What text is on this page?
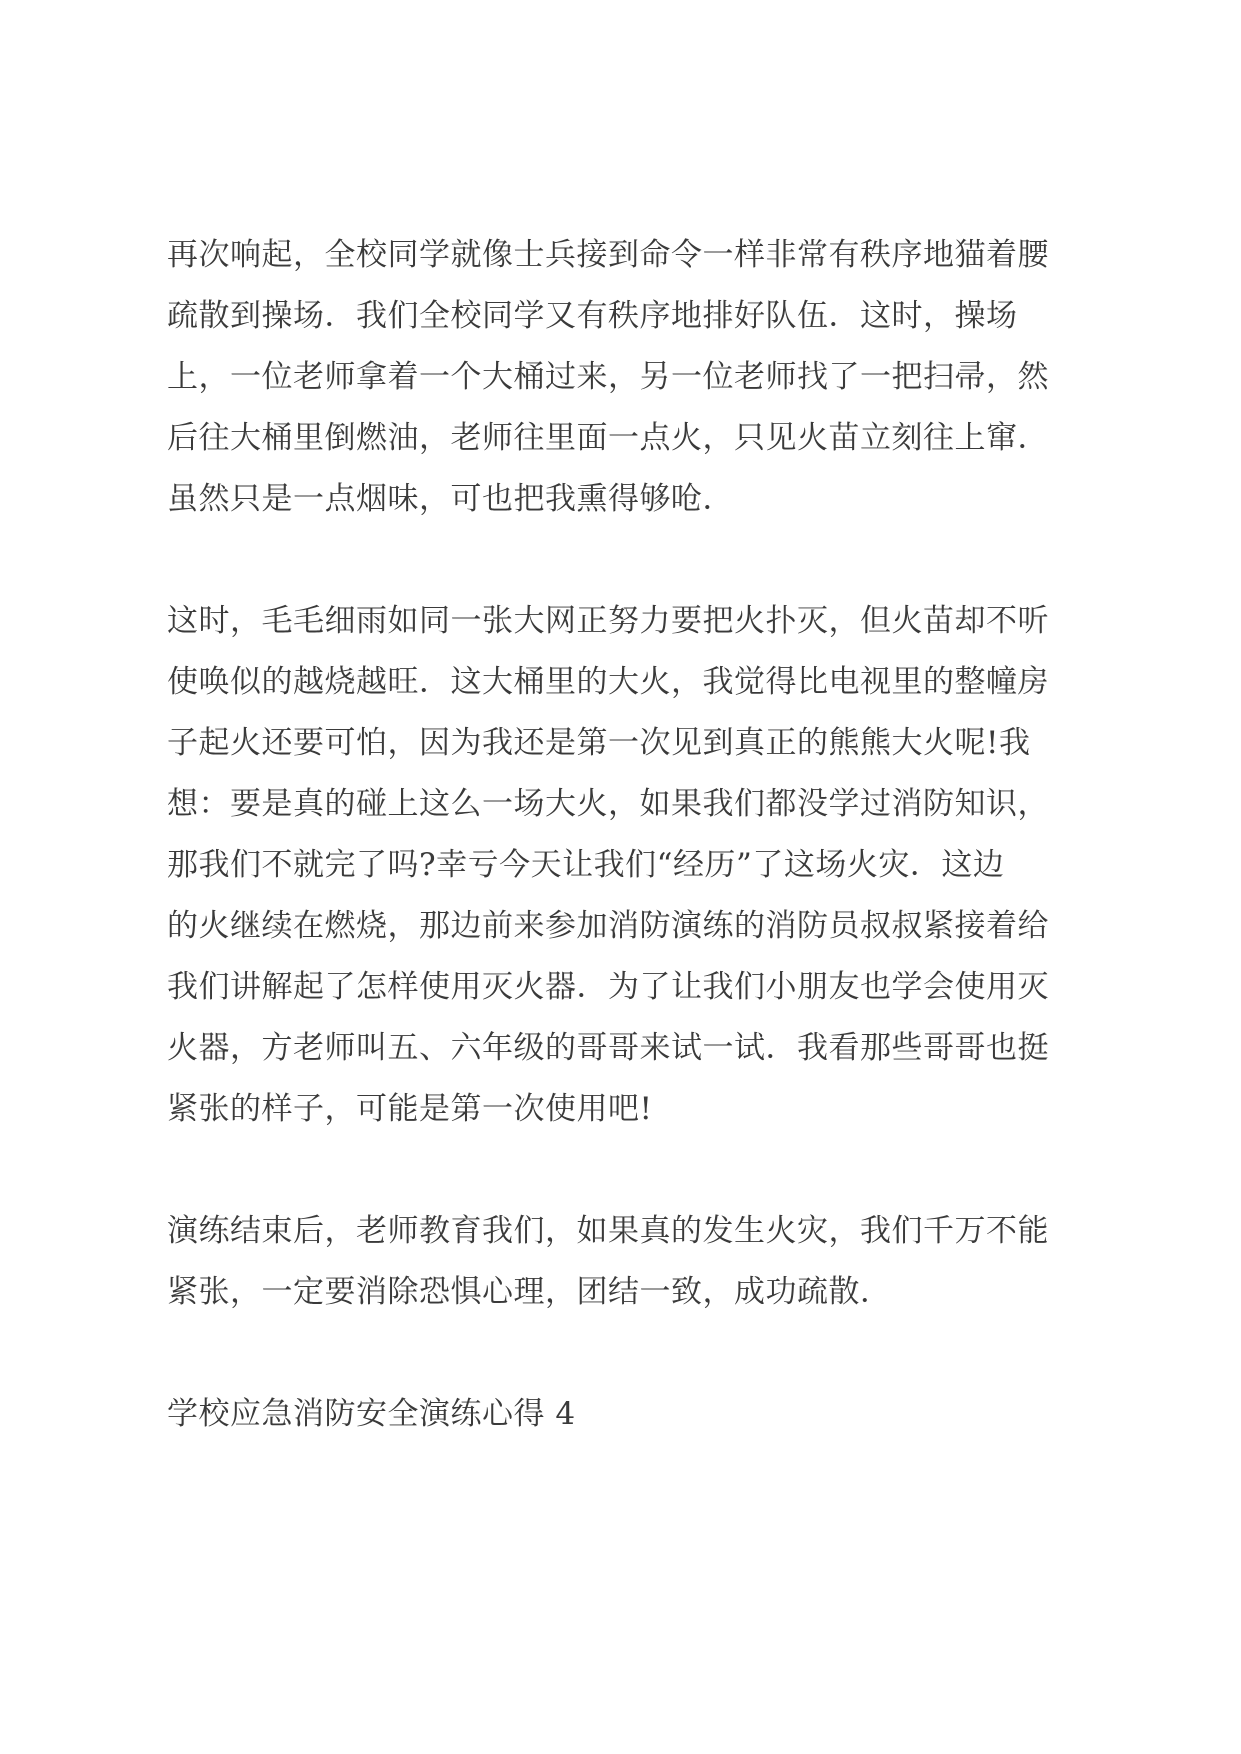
再次响起，全校同学就像士兵接到命令一样非常有秩序地猫着腰
疏散到操场．我们全校同学又有秩序地排好队伍．这时，操场
上，一位老师拿着一个大桶过来，另一位老师找了一把扫帚，然
后往大桶里倒燃油，老师往里面一点火，只见火苗立刻往上窜．
虽然只是一点烟味，可也把我熏得够呛．
这时，毛毛细雨如同一张大网正努力要把火扑灭，但火苗却不听
使唤似的越烧越旺．这大桶里的大火，我觉得比电视里的整幢房
子起火还要可怕，因为我还是第一次见到真正的熊熊大火呢!我
想：要是真的碰上这么一场大火，如果我们都没学过消防知识，
那我们不就完了吗?幸亏今天让我们“经历”了这场火灾．这边
的火继续在燃烧，那边前来参加消防演练的消防员叔叔紧接着给
我们讲解起了怎样使用灭火器．为了让我们小朋友也学会使用灭
火器，方老师叫五、六年级的哥哥来试一试．我看那些哥哥也挺
紧张的样子，可能是第一次使用吧!
演练结束后，老师教育我们，如果真的发生火灾，我们千万不能
紧张，一定要消除恐惧心理，团结一致，成功疏散．
学校应急消防安全演练心得 4
